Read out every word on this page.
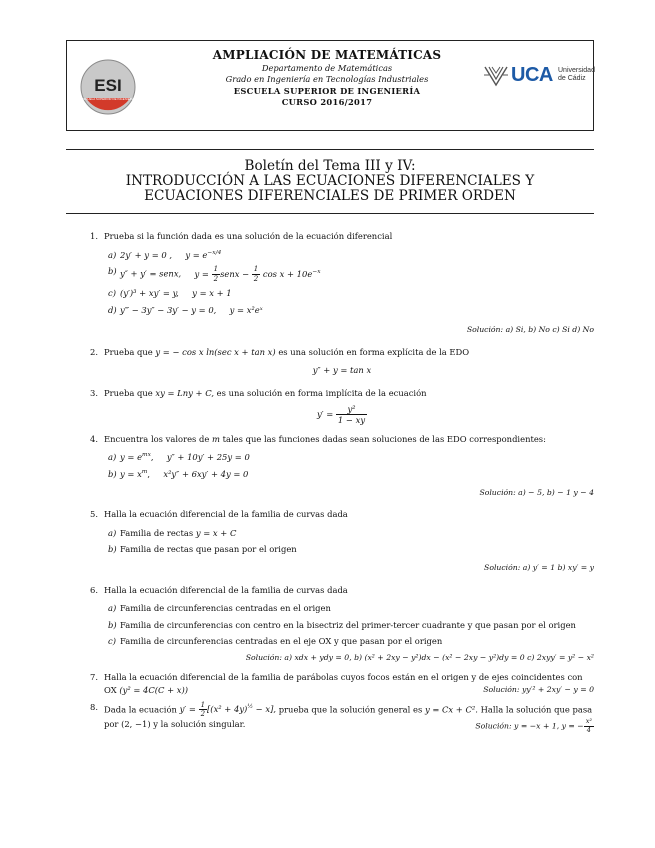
ESI
ESCUELA SUPERIOR DE INGENIERÍA
AMPLIACIÓN DE MATEMÁTICAS
Departamento de Matemáticas
Grado en Ingeniería en Tecnologías Industriales
ESCUELA SUPERIOR DE INGENIERÍA
CURSO 2016/2017
UCA Universidad
de Cádiz
Boletín del Tema III y IV:
INTRODUCCIÓN A LAS ECUACIONES DIFERENCIALES Y
ECUACIONES DIFERENCIALES DE PRIMER ORDEN
1. Prueba si la función dada es una solución de la ecuación diferencial
a) 2y′ + y = 0 , $y = e^{-x/4}$
b) y″ + y′ = senx, $y = \frac{1}{2}$ senx − $\frac{1}{2}$ $\cos x + 10e^{-x}$
c) (y′)³ + xy′ = y, y = x + 1
d) y‴ − 3y″ − 3y′ − y = 0, y = x²eˣ

Solución: a) Si, b) No c) Si d) No

2. Prueba que y = − cos x ln(sec x + tan x) es una solución en forma explícita de la EDO

y″ + y = tan x

3. Prueba que xy = Lny + C, es una solución en forma implícita de la ecuación

$y' = \frac{\text{y²}}{1 - xy}$

4. Encuentra los valores de m tales que las funciones dadas sean soluciones de las EDO correspondientes:
a) $y = e^{mx}$,     y″ + 10y′ + 25y = 0
b) $y = x^m$,     x²y″ + 6xy′ + 4y = 0

Solución: a) − 5, b) − 1 y − 4

5. Halla la ecuación diferencial de la familia de curvas dada
a) Familia de rectas y = x + C
b) Familia de rectas que pasan por el origen

Solución: a) y′ = 1 b) xy′ = y

6. Halla la ecuación diferencial de la familia de curvas dada
a) Familia de circunferencias centradas en el origen
b) Familia de circunferencias con centro en la bisectriz del primer-tercer cuadrante y que pasan por el origen
c) Familia de circunferencias centradas en el eje OX y que pasan por el origen

Solución: a) xdx + ydy = 0, b) (x² + 2xy − y²)dx − (x² − 2xy − y²)dy = 0 c) 2xyy′ = y² − x²

7. Halla la ecuación diferencial de la familia de parábolas cuyos focos están en el origen y de ejes coincidentes con OX (y² = 4C(C + x))	Solución: yy′² + 2xy′ − y = 0
8. Dada la ecuación $y' = \frac{1}{2} [(x^2 + 4y)^{\frac{1}{2}} - x]$, prueba que la solución general es y = Cx + C². Halla la solución que pasa por (2, −1) y la solución singular.	Solución: y = −x + 1, y = − $\frac{\text{x²}}{4}$
